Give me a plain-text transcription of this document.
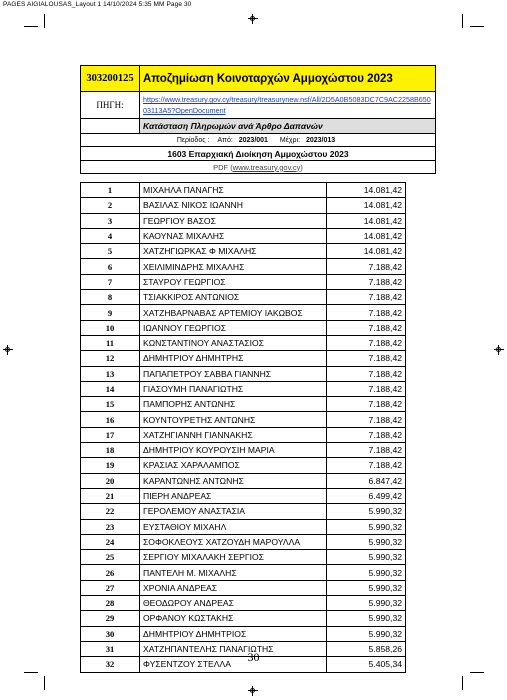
PAGES AIGIALOUSAS_Layout 1 14/10/2024 5:35 ΜΜ Page 30
303200125	Αποζημίωση Κοινοταρχών Αμμοχώστου 2023
ΠΗΓΗ:	https://www.treasury.gov.cy/treasury/treasurynew.nsf/All/2D5A0B5083DC7C9AC2258B65003113A5?OpenDocument
	Κατάσταση Πληρωμών ανά Άρθρο Δαπανών
Περίοδος : Από: 2023/001 Μέχρι: 2023/013	
1603 Επαρχιακή Διοίκηση Αμμοχώστου 2023	
PDF (www.treasury.gov.cy)	
1	ΜΙΧΑΗΛΑ ΠΑΝΑΓΗΣ	14.081,42
2	ΒΑΣΙΛΑΣ ΝΙΚΟΣ ΙΩΑΝΝΗ	14.081,42
3	ΓΕΩΡΓΙΟΥ ΒΑΣΟΣ	14.081,42
4	ΚΑΟΥΝΑΣ ΜΙΧΑΛΗΣ	14.081,42
5	ΧΑΤΖΗΓΙΩΡΚΑΣ Φ ΜΙΧΑΛΗΣ	14.081,42
6	ΧΕΙΛΙΜΙΝΔΡΗΣ ΜΙΧΑΛΗΣ	7.188,42
7	ΣΤΑΥΡΟΥ ΓΕΩΡΓΙΟΣ	7.188,42
8	ΤΣΙΑΚΚΙΡΟΣ ΑΝΤΩΝΙΟΣ	7.188,42
9	ΧΑΤΖΗΒΑΡΝΑΒΑΣ ΑΡΤΕΜΙΟΥ ΙΑΚΩΒΟΣ	7.188,42
10	ΙΩΑΝΝΟΥ ΓΕΩΡΓΙΟΣ	7.188,42
11	ΚΩΝΣΤΑΝΤΙΝΟΥ ΑΝΑΣΤΑΣΙΟΣ	7.188,42
12	ΔΗΜΗΤΡΙΟΥ ΔΗΜΗΤΡΗΣ	7.188,42
13	ΠΑΠΑΠΕΤΡΟΥ ΣΑΒΒΑ ΓΙΑΝΝΗΣ	7.188,42
14	ΓΙΑΣΟΥΜΗ ΠΑΝΑΓΙΩΤΗΣ	7.188,42
15	ΠΑΜΠΟΡΗΣ ΑΝΤΩΝΗΣ	7.188,42
16	ΚΟΥΝΤΟΥΡΕΤΗΣ ΑΝΤΩΝΗΣ	7.188,42
17	ΧΑΤΖΗΓΙΑΝΝΗ ΓΙΑΝΝΑΚΗΣ	7.188,42
18	ΔΗΜΗΤΡΙΟΥ ΚΟΥΡΟΥΣΙΗ ΜΑΡΙΑ	7.188,42
19	ΚΡΑΣΙΑΣ ΧΑΡΑΛΑΜΠΟΣ	7.188,42
20	ΚΑΡΑΝΤΩΝΗΣ ΑΝΤΩΝΗΣ	6.847,42
21	ΠΙΕΡΗ ΑΝΔΡΕΑΣ	6.499,42
22	ΓΕΡΟΛΕΜΟΥ ΑΝΑΣΤΑΣΙΑ	5.990,32
23	ΕΥΣΤΑΘΙΟΥ ΜΙΧΑΗΛ	5.990,32
24	ΣΟΦΟΚΛΕΟΥΣ ΧΑΤΖΟΥΔΗ ΜΑΡΟΥΛΛΑ	5.990,32
25	ΣΕΡΓΙΟΥ ΜΙΧΑΛΑΚΗ ΣΕΡΓΙΟΣ	5.990,32
26	ΠΑΝΤΕΛΗ Μ. ΜΙΧΑΛΗΣ	5.990,32
27	ΧΡΟΝΙΑ ΑΝΔΡΕΑΣ	5.990,32
28	ΘΕΟΔΩΡΟΥ ΑΝΔΡΕΑΣ	5.990,32
29	ΟΡΦΑΝΟΥ ΚΩΣΤΑΚΗΣ	5.990,32
30	ΔΗΜΗΤΡΙΟΥ ΔΗΜΗΤΡΙΟΣ	5.990,32
31	ΧΑΤΖΗΠΑΝΤΕΛΗΣ ΠΑΝΑΓΙΩΤΗΣ	5.858,26
32	ΦΥΣΕΝΤΖΟΥ ΣΤΕΛΛΑ	5.405,34
30
